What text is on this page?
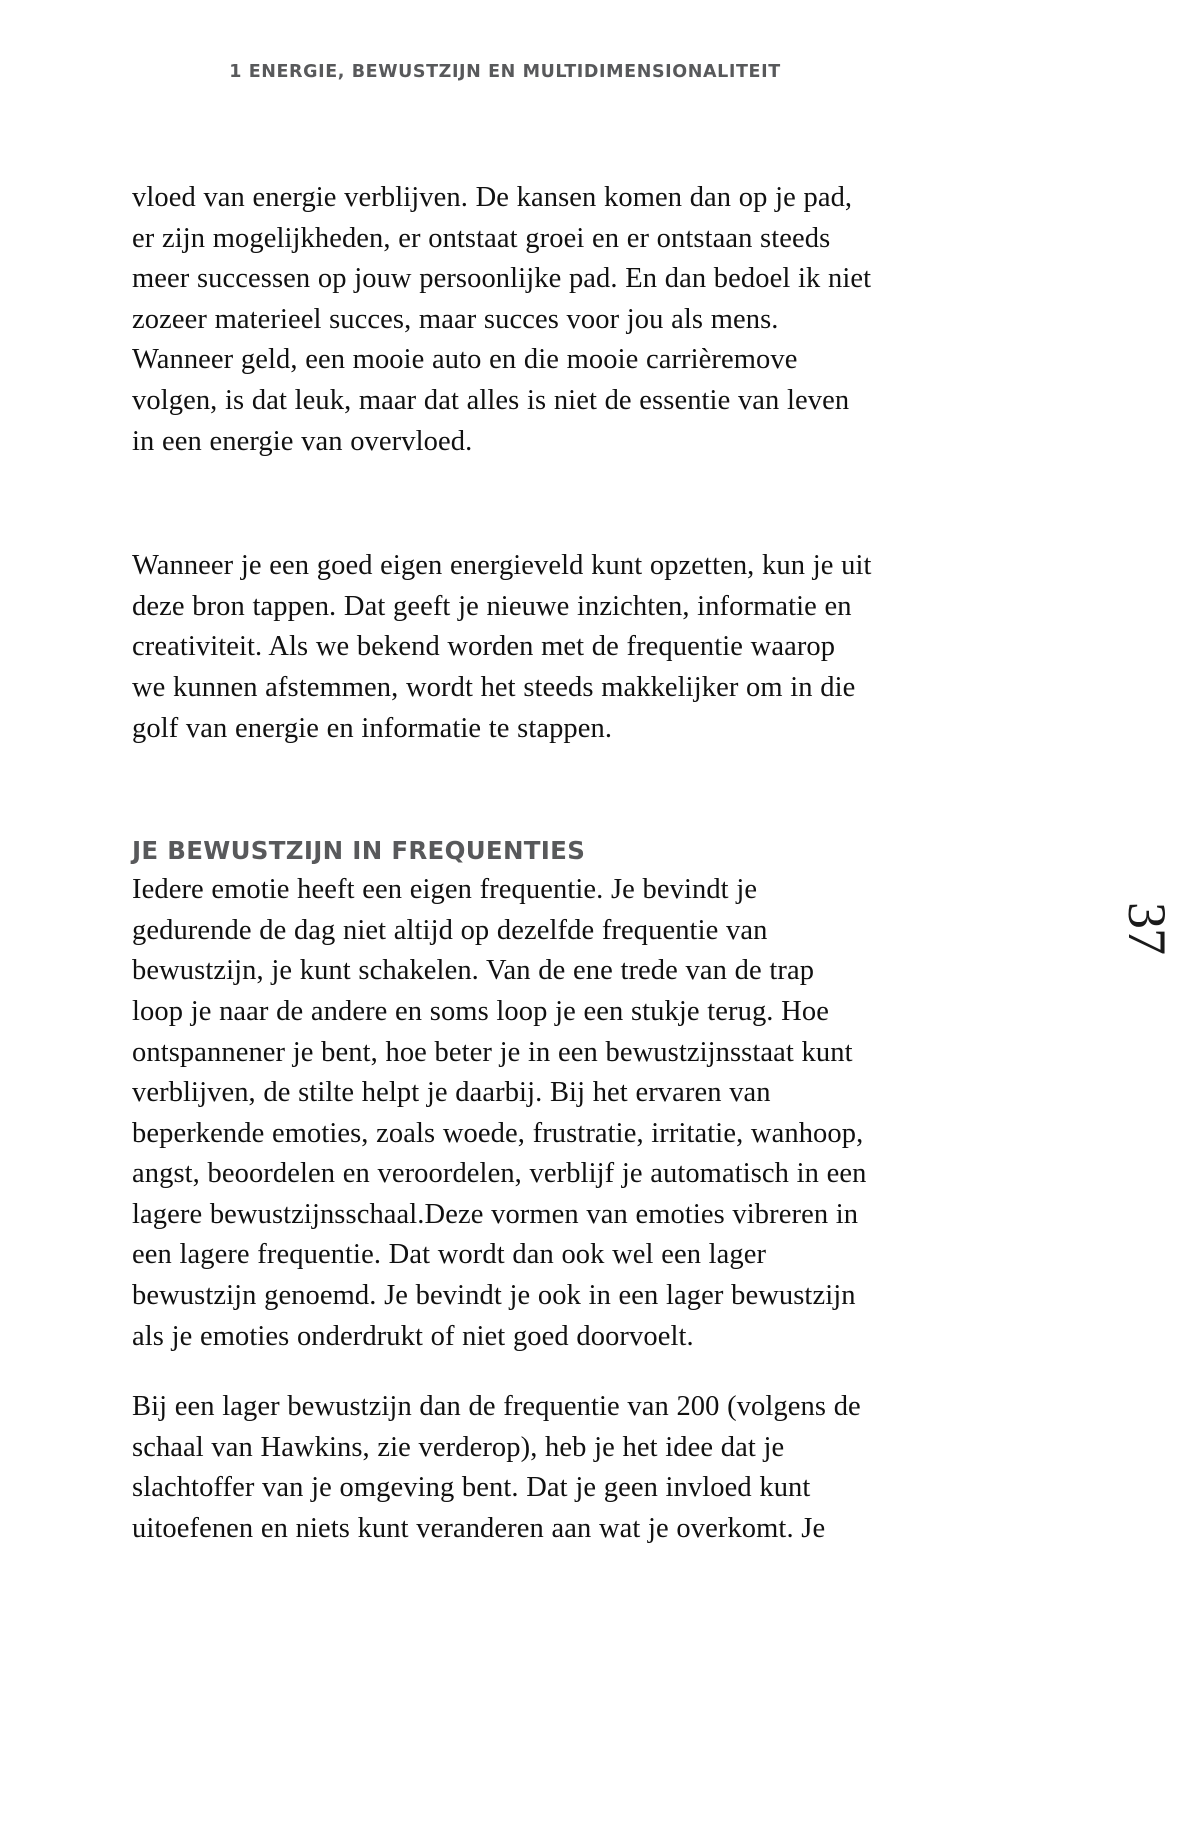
1 ENERGIE, BEWUSTZIJN EN MULTIDIMENSIONALITEIT
37

vloed van energie verblijven. De kansen komen dan op je pad, er zijn mogelijkheden, er ontstaat groei en er ontstaan steeds meer successen op jouw persoonlijke pad. En dan bedoel ik niet zozeer materieel succes, maar succes voor jou als mens. Wanneer geld, een mooie auto en die mooie carrièremove volgen, is dat leuk, maar dat alles is niet de essentie van leven in een energie van overvloed.

Wanneer je een goed eigen energieveld kunt opzetten, kun je uit deze bron tappen. Dat geeft je nieuwe inzichten, informatie en creativiteit. Als we bekend worden met de frequentie waarop we kunnen afstemmen, wordt het steeds makkelijker om in die golf van energie en informatie te stappen.

JE BEWUSTZIJN IN FREQUENTIES

Iedere emotie heeft een eigen frequentie. Je bevindt je gedurende de dag niet altijd op dezelfde frequentie van bewustzijn, je kunt schakelen. Van de ene trede van de trap loop je naar de andere en soms loop je een stukje terug. Hoe ontspannener je bent, hoe beter je in een bewustzijnsstaat kunt verblijven, de stilte helpt je daarbij. Bij het ervaren van beperkende emoties, zoals woede, frustratie, irritatie, wanhoop, angst, beoordelen en veroordelen, verblijf je automatisch in een lagere bewustzijnsschaal.Deze vormen van emoties vibreren in een lagere frequentie. Dat wordt dan ook wel een lager bewustzijn genoemd. Je bevindt je ook in een lager bewustzijn als je emoties onderdrukt of niet goed doorvoelt.

Bij een lager bewustzijn dan de frequentie van 200 (volgens de schaal van Hawkins, zie verderop), heb je het idee dat je slachtoffer van je omgeving bent. Dat je geen invloed kunt uitoefenen en niets kunt veranderen aan wat je overkomt. Je
